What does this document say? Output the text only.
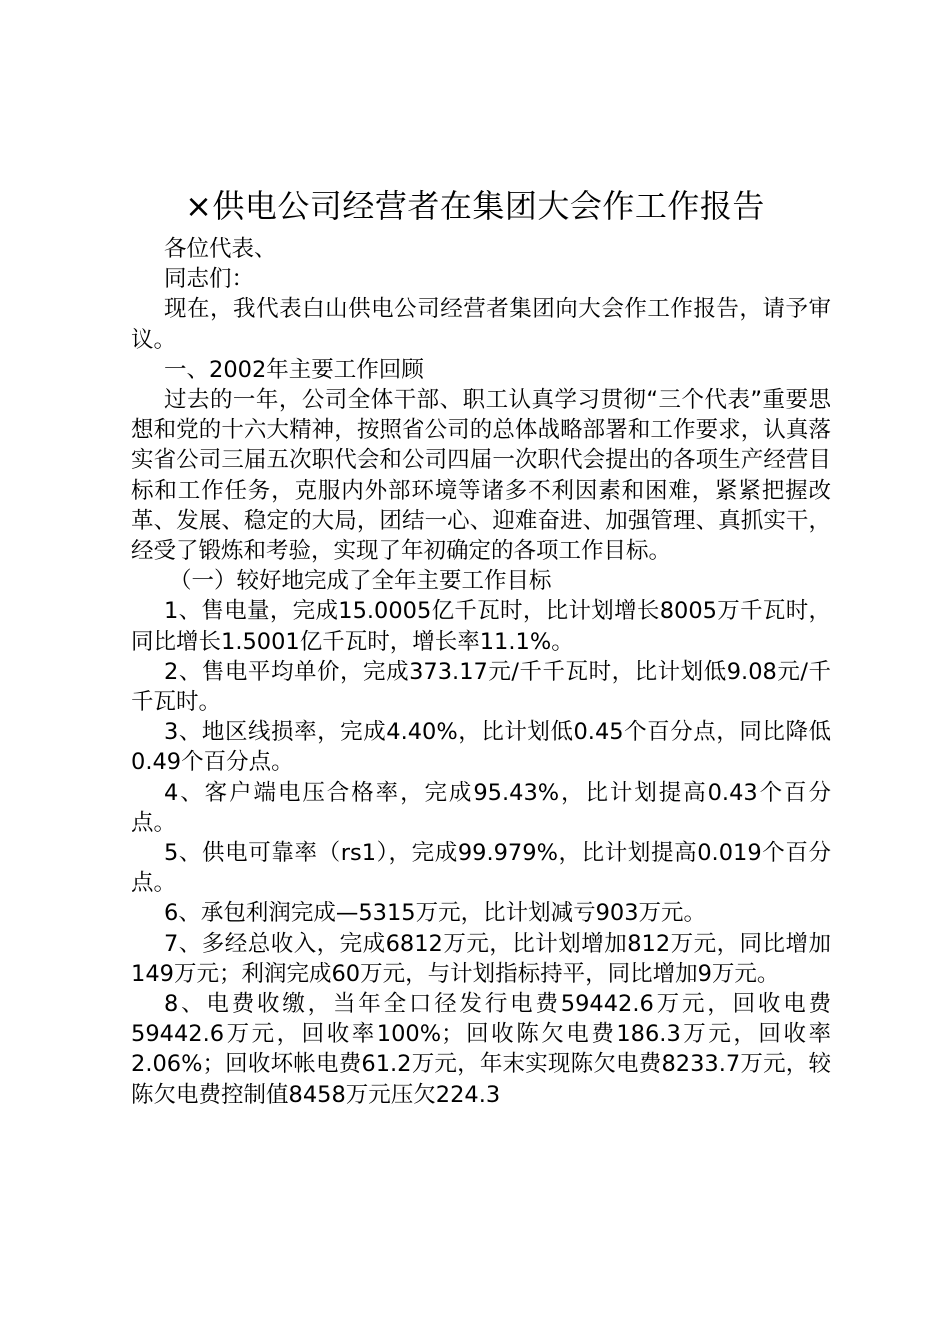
×供电公司经营者在集团大会作工作报告

各位代表、

同志们：

现在，我代表白山供电公司经营者集团向大会作工作报告，请予审议。

一、2002年主要工作回顾

过去的一年，公司全体干部、职工认真学习贯彻“三个代表”重要思想和党的十六大精神，按照省公司的总体战略部署和工作要求，认真落实省公司三届五次职代会和公司四届一次职代会提出的各项生产经营目标和工作任务，克服内外部环境等诸多不利因素和困难，紧紧把握改革、发展、稳定的大局，团结一心、迎难奋进、加强管理、真抓实干，经受了锻炼和考验，实现了年初确定的各项工作目标。

（一）较好地完成了全年主要工作目标

1、售电量，完成15.0005亿千瓦时，比计划增长8005万千瓦时，同比增长1.5001亿千瓦时，增长率11.1%。

2、售电平均单价，完成373.17元/千千瓦时，比计划低9.08元/千千瓦时。

3、地区线损率，完成4.40%，比计划低0.45个百分点，同比降低0.49个百分点。

4、客户端电压合格率，完成95.43%，比计划提高0.43个百分点。

5、供电可靠率（rs1），完成99.979%，比计划提高0.019个百分点。

6、承包利润完成—5315万元，比计划减亏903万元。

7、多经总收入，完成6812万元，比计划增加812万元，同比增加149万元；利润完成60万元，与计划指标持平，同比增加9万元。

8、电费收缴，当年全口径发行电费59442.6万元，回收电费59442.6万元，回收率100%；回收陈欠电费186.3万元，回收率2.06%；回收坏帐电费61.2万元，年末实现陈欠电费8233.7万元，较陈欠电费控制值8458万元压欠224.3
